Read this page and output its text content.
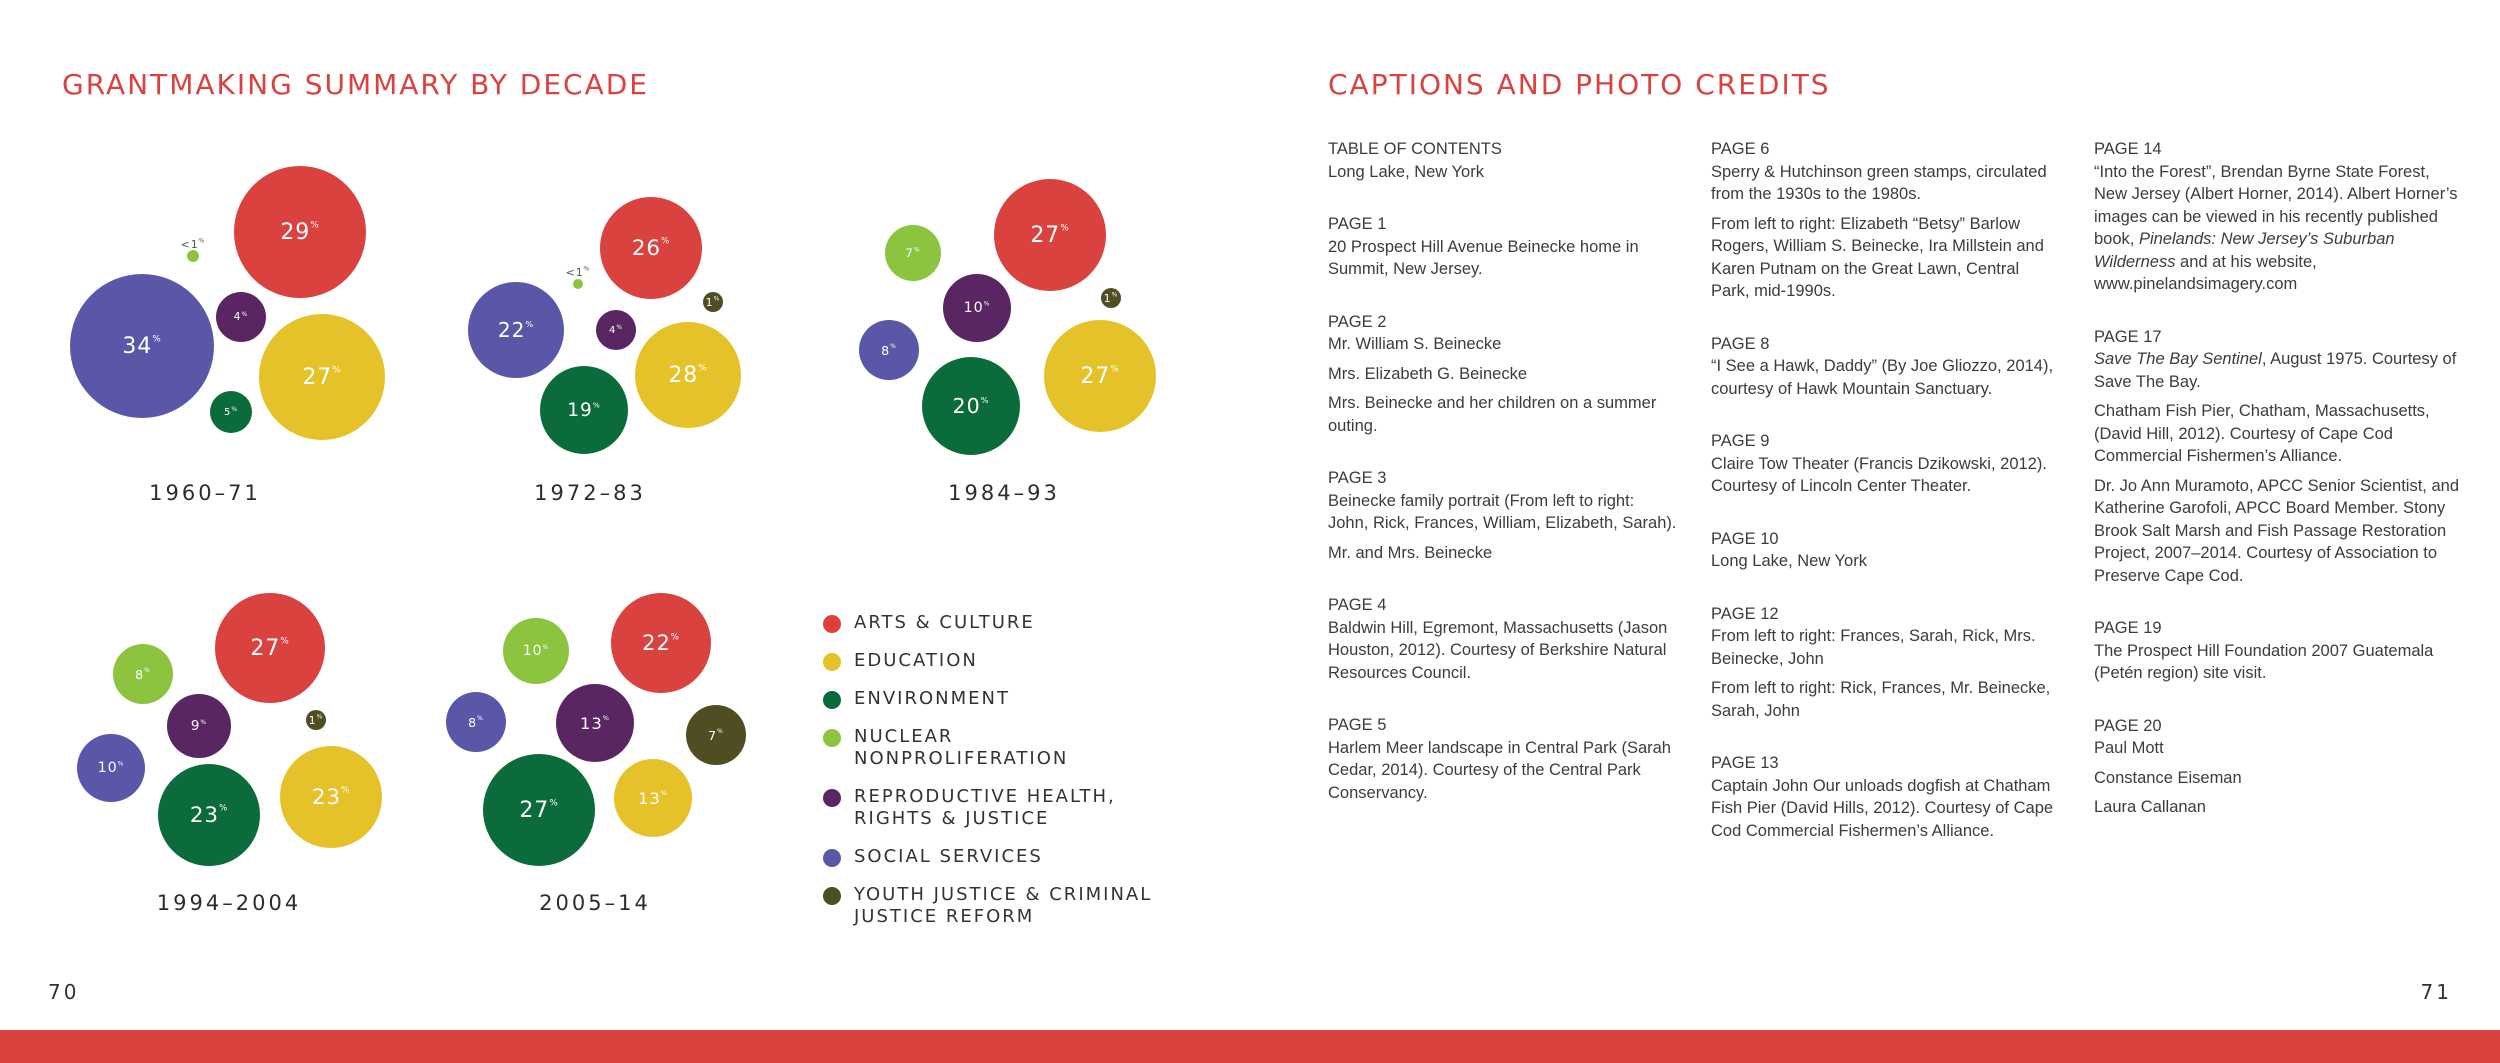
GRANTMAKING SUMMARY BY DECADE	CAPTIONS AND PHOTO CREDITS
29%
27%
5%
<1%
4%
34%
1960–71
26%
28%
19%
<1%
4%
22%
1%
1972–83
27%
27%
20%
7%
10%
8%
1%
1984–93
27%
23%
23%
8%
9%
10%
1%
1994–2004
22%
13%
27%
10%
13%
8%
7%
2005–14
ARTS & CULTURE
EDUCATION
ENVIRONMENT
NUCLEAR NONPROLIFERATION
REPRODUCTIVE HEALTH, RIGHTS & JUSTICE
SOCIAL SERVICES
YOUTH JUSTICE & CRIMINAL JUSTICE REFORM
TABLE OF CONTENTS
Long Lake, New York
PAGE 1
20 Prospect Hill Avenue Beinecke home in Summit, New Jersey.
PAGE 2
Mr. William S. Beinecke
Mrs. Elizabeth G. Beinecke
Mrs. Beinecke and her children on a summer outing.
PAGE 3
Beinecke family portrait (From left to right: John, Rick, Frances, William, Elizabeth, Sarah).
Mr. and Mrs. Beinecke
PAGE 4
Baldwin Hill, Egremont, Massachusetts (Jason Houston, 2012). Courtesy of Berkshire Natural Resources Council.
PAGE 5
Harlem Meer landscape in Central Park (Sarah Cedar, 2014). Courtesy of the Central Park Conservancy.
PAGE 6
Sperry & Hutchinson green stamps, circulated from the 1930s to the 1980s.
From left to right: Elizabeth “Betsy” Barlow Rogers, William S. Beinecke, Ira Millstein and Karen Putnam on the Great Lawn, Central Park, mid-1990s.
PAGE 8
“I See a Hawk, Daddy” (By Joe Gliozzo, 2014), courtesy of Hawk Mountain Sanctuary.
PAGE 9
Claire Tow Theater (Francis Dzikowski, 2012). Courtesy of Lincoln Center Theater.
PAGE 10
Long Lake, New York
PAGE 12
From left to right: Frances, Sarah, Rick, Mrs. Beinecke, John
From left to right: Rick, Frances, Mr. Beinecke, Sarah, John
PAGE 13
Captain John Our unloads dogfish at Chatham Fish Pier (David Hills, 2012). Courtesy of Cape Cod Commercial Fishermen’s Alliance.
PAGE 14
“Into the Forest”, Brendan Byrne State Forest, New Jersey (Albert Horner, 2014). Albert Horner’s images can be viewed in his recently published book, Pinelands: New Jersey’s Suburban Wilderness and at his website, www.pinelandsimagery.com
PAGE 17
Save The Bay Sentinel, August 1975. Courtesy of Save The Bay.
Chatham Fish Pier, Chatham, Massachusetts, (David Hill, 2012). Courtesy of Cape Cod Commercial Fishermen’s Alliance.
Dr. Jo Ann Muramoto, APCC Senior Scientist, and Katherine Garofoli, APCC Board Member. Stony Brook Salt Marsh and Fish Passage Restoration Project, 2007–2014. Courtesy of Association to Preserve Cape Cod.
PAGE 19
The Prospect Hill Foundation 2007 Guatemala (Petén region) site visit.
PAGE 20
Paul Mott
Constance Eiseman
Laura Callanan
70	71
